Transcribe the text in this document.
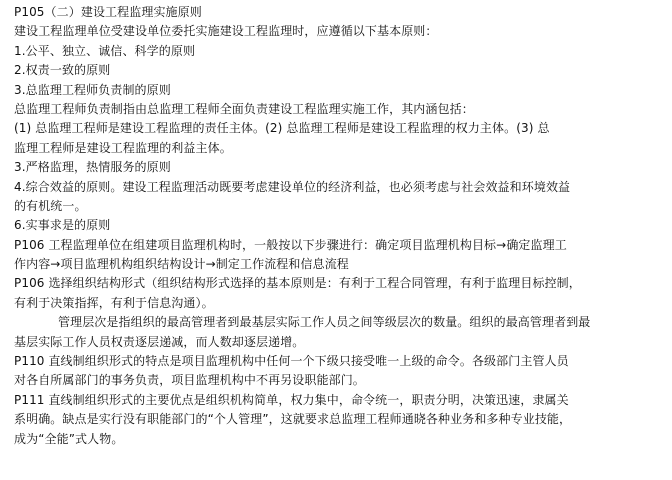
P105（二）建设工程监理实施原则
建设工程监理单位受建设单位委托实施建设工程监理时，应遵循以下基本原则：
1.公平、独立、诚信、科学的原则
2.权责一致的原则
3.总监理工程师负责制的原则
总监理工程师负责制指由总监理工程师全面负责建设工程监理实施工作，其内涵包括：
(1) 总监理工程师是建设工程监理的责任主体。(2) 总监理工程师是建设工程监理的权力主体。(3) 总
监理工程师是建设工程监理的利益主体。
3.严格监理，热情服务的原则
4.综合效益的原则。建设工程监理活动既要考虑建设单位的经济利益，也必须考虑与社会效益和环境效益
的有机统一。
6.实事求是的原则
P106 工程监理单位在组建项目监理机构时，一般按以下步骤进行：确定项目监理机构目标→确定监理工
作内容→项目监理机构组织结构设计→制定工作流程和信息流程
P106 选择组织结构形式（组织结构形式选择的基本原则是：有利于工程合同管理，有利于监理目标控制，
有利于决策指挥，有利于信息沟通）。
管理层次是指组织的最高管理者到最基层实际工作人员之间等级层次的数量。组织的最高管理者到最
基层实际工作人员权责逐层递减，而人数却逐层递增。
P110 直线制组织形式的特点是项目监理机构中任何一个下级只接受唯一上级的命令。各级部门主管人员
对各自所属部门的事务负责，项目监理机构中不再另设职能部门。
P111 直线制组织形式的主要优点是组织机构简单，权力集中，命令统一，职责分明，决策迅速，隶属关
系明确。缺点是实行没有职能部门的“个人管理”，这就要求总监理工程师通晓各种业务和多种专业技能，
成为“全能”式人物。
